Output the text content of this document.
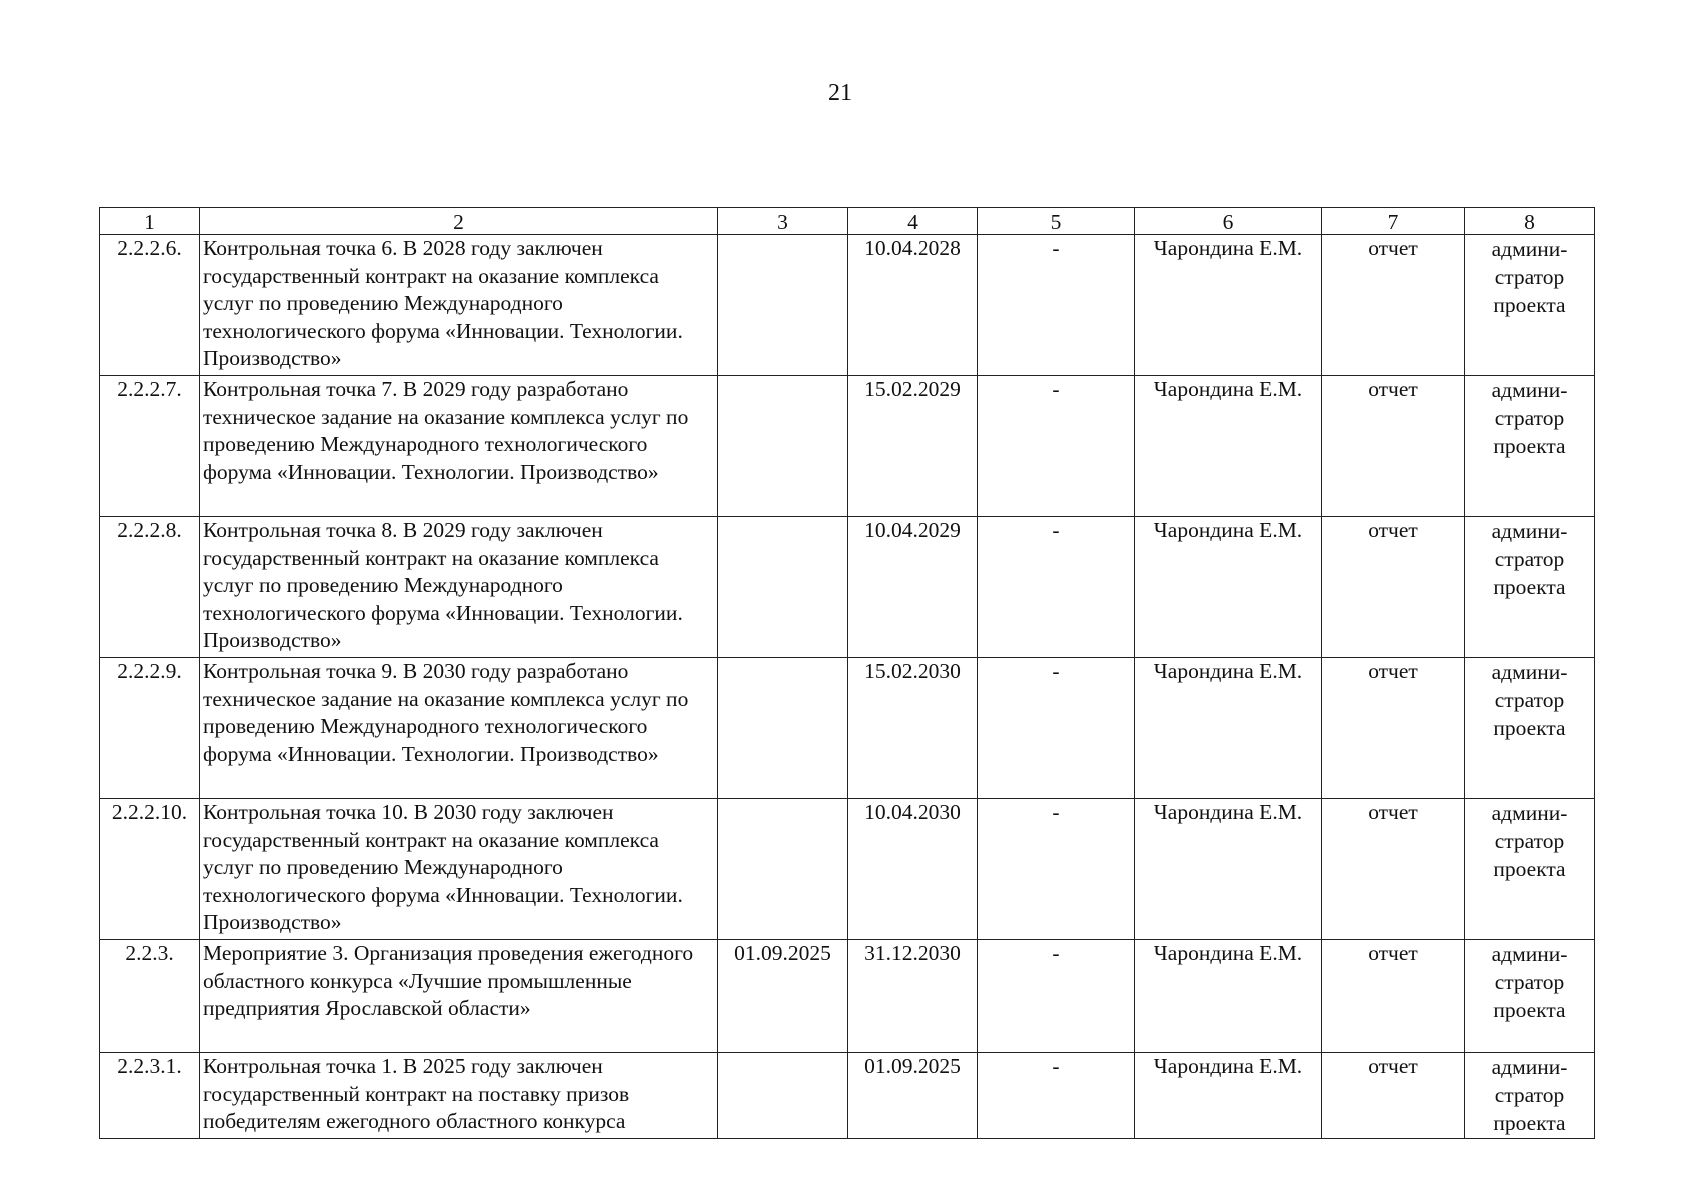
21
1	2	3	4	5	6	7	8
2.2.2.6.	Контрольная точка 6. В 2028 году заключен государственный контракт на оказание комплекса услуг по проведению Международного технологического форума «Инновации. Технологии. Производство»		10.04.2028	-	Чарондина Е.М.	отчет	админи-стратор проекта
2.2.2.7.	Контрольная точка 7. В 2029 году разработано техническое задание на оказание комплекса услуг по проведению Международного технологического форума «Инновации. Технологии. Производство»		15.02.2029	-	Чарондина Е.М.	отчет	админи-стратор проекта
2.2.2.8.	Контрольная точка 8. В 2029 году заключен государственный контракт на оказание комплекса услуг по проведению Международного технологического форума «Инновации. Технологии. Производство»		10.04.2029	-	Чарондина Е.М.	отчет	админи-стратор проекта
2.2.2.9.	Контрольная точка 9. В 2030 году разработано техническое задание на оказание комплекса услуг по проведению Международного технологического форума «Инновации. Технологии. Производство»		15.02.2030	-	Чарондина Е.М.	отчет	админи-стратор проекта
2.2.2.10.	Контрольная точка 10. В 2030 году заключен государственный контракт на оказание комплекса услуг по проведению Международного технологического форума «Инновации. Технологии. Производство»		10.04.2030	-	Чарондина Е.М.	отчет	админи-стратор проекта
2.2.3.	Мероприятие 3. Организация проведения ежегодного областного конкурса «Лучшие промышленные предприятия Ярославской области»	01.09.2025	31.12.2030	-	Чарондина Е.М.	отчет	админи-стратор проекта
2.2.3.1.	Контрольная точка 1. В 2025 году заключен государственный контракт на поставку призов победителям ежегодного областного конкурса		01.09.2025	-	Чарондина Е.М.	отчет	админи-стратор проекта
